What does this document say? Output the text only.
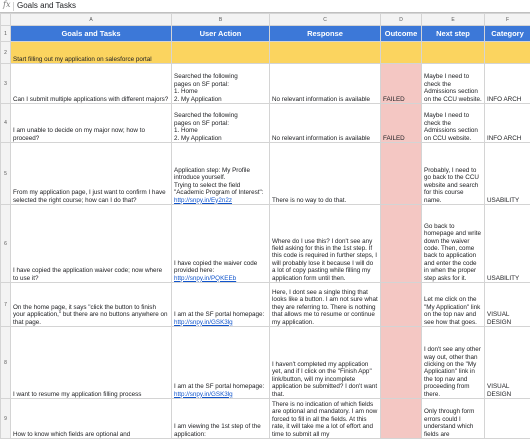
fx Goals and Tasks
	A	B	C	D	E	F
1	Goals and Tasks	User Action	Response	Outcome	Next step	Category
2	Start filling out my application on salesforce portal					
3	Can I submit multiple applications with different majors?	Searched the following
pages on SF portal:
1. Home
2. My Application	No relevant information is available	FAILED	Maybe I need to check the Admissions section on the CCU website.	INFO ARCH
4	I am unable to decide on my major now; how to proceed?	Searched the following
pages on SF portal:
1. Home
2. My Application	No relevant information is available	FAILED	Maybe I need to check the Admissions section on CCU website.	INFO ARCH
5	From my application page, I just want to confirm I have selected the right course; how can I do that?	Application step: My Profile introduce yourself.
Trying to select the field "Academic Program of Interest":
http://snpy.in/Ey2n2z	There is no way to do that.		Probably, I need to go back to the CCU website and search for this course name.	USABILITY
6	I have copied the application waiver code; now where to use it?	I have copied the waiver code provided here:
http://snpy.in/PQKEEb	Where do I use this? I don't see any field asking for this in the 1st step. If this code is required in further steps, I will probably lose it because I will do a lot of copy pasting while filling my application form until then.		Go back to homepage and write down the waiver code. Then, come back to application and enter the code in when the proper step asks for it.	USABILITY
7	On the home page, it says "click the button to finish your application," but there are no buttons anywhere on that page.	I am at the SF portal homepage:
http://snpy.in/GSK3lg	Here, I dont see a single thing that looks like a button. I am not sure what they are referring to. There is nothing that allows me to resume or continue my application.		Let me click on the "My Application" link on the top nav and see how that goes.	VISUAL DESIGN
8	I want to resume my application filling process	I am at the SF portal homepage:
http://snpy.in/GSK3lg	I haven't completed my application yet, and if I click on the "Finish App" link/button, will my incomplete application be submitted? I don't want that.		I don't see any other way out, other than clicking on the "My Application" link in the top nav and proceeding from there.	VISUAL DESIGN
9	How to know which fields are optional and	I am viewing the 1st step of the application:	There is no indication of which fields are optional and mandatory. I am now forced to fill in all the fields. At this rate, it will take me a lot of effort and time to submit all my		Only through form errors could I understand which fields are	
